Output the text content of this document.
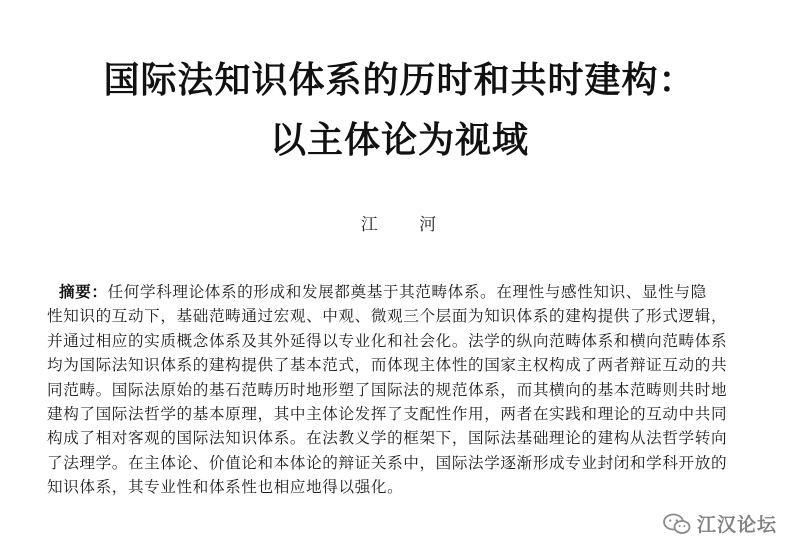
国际法知识体系的历时和共时建构：
以主体论为视域
江 河
摘要：任何学科理论体系的形成和发展都奠基于其范畴体系。在理性与感性知识、显性与隐
性知识的互动下，基础范畴通过宏观、中观、微观三个层面为知识体系的建构提供了形式逻辑，
并通过相应的实质概念体系及其外延得以专业化和社会化。法学的纵向范畴体系和横向范畴体系
均为国际法知识体系的建构提供了基本范式，而体现主体性的国家主权构成了两者辩证互动的共
同范畴。国际法原始的基石范畴历时地形塑了国际法的规范体系，而其横向的基本范畴则共时地
建构了国际法哲学的基本原理，其中主体论发挥了支配性作用，两者在实践和理论的互动中共同
构成了相对客观的国际法知识体系。在法教义学的框架下，国际法基础理论的建构从法哲学转向
了法理学。在主体论、价值论和本体论的辩证关系中，国际法学逐渐形成专业封闭和学科开放的
知识体系，其专业性和体系性也相应地得以强化。
江汉论坛
